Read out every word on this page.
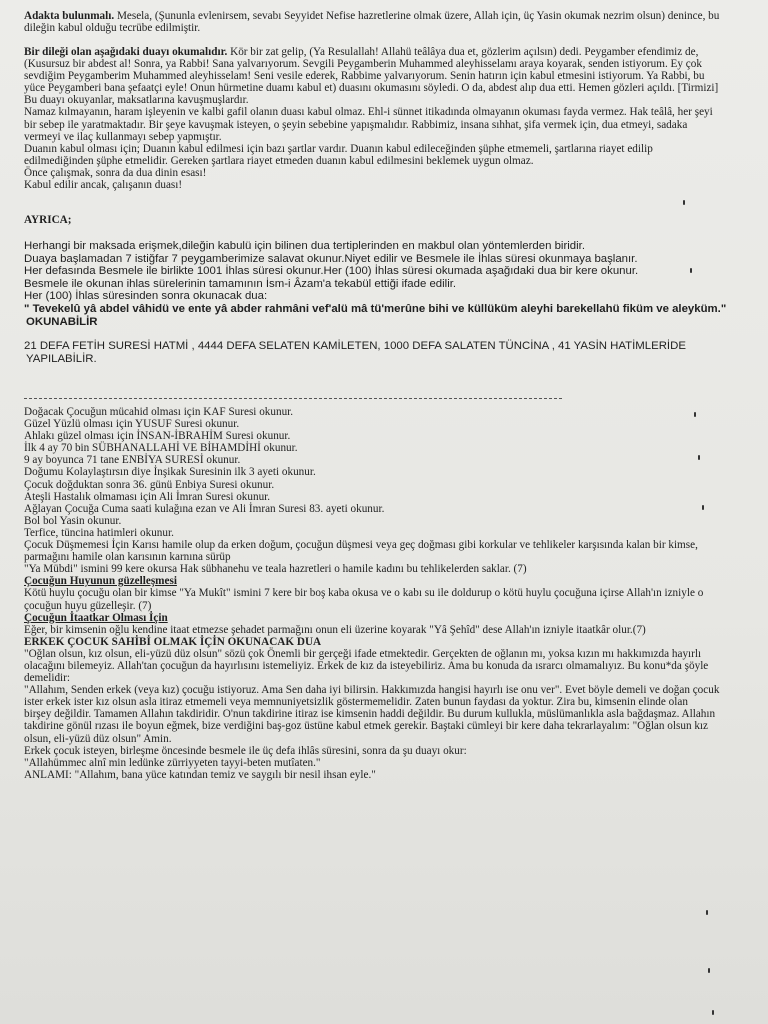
Adakta bulunmalı. Mesela, (Şununla evlenirsem, sevabı Seyyidet Nefise hazretlerine olmak üzere, Allah için, üç Yasin okumak nezrim olsun) denince, bu
dileğin kabul olduğu tecrübe edilmiştir.
Bir dileği olan aşağıdaki duayı okumalıdır. Kör bir zat gelip, (Ya Resulallah! Allahü teâlâya dua et, gözlerim açılsın) dedi. Peygamber efendimiz de,
(Kusursuz bir abdest al! Sonra, ya Rabbi! Sana yalvarıyorum. Sevgili Peygamberin Muhammed aleyhisselamı araya koyarak, senden istiyorum. Ey çok
sevdiğim Peygamberim Muhammed aleyhisselam! Seni vesile ederek, Rabbime yalvarıyorum. Senin hatırın için kabul etmesini istiyorum. Ya Rabbi, bu
yüce Peygamberi bana şefaatçi eyle! Onun hürmetine duamı kabul et) duasını okumasını söyledi. O da, abdest alıp dua etti. Hemen gözleri açıldı. [Tirmizi]
Bu duayı okuyanlar, maksatlarına kavuşmuşlardır.
Namaz kılmayanın, haram işleyenin ve kalbi gafil olanın duası kabul olmaz. Ehl-i sünnet itikadında olmayanın okuması fayda vermez. Hak teâlâ, her şeyi
bir sebep ile yaratmaktadır. Bir şeye kavuşmak isteyen, o şeyin sebebine yapışmalıdır. Rabbimiz, insana sıhhat, şifa vermek için, dua etmeyi, sadaka
vermeyi ve ilaç kullanmayı sebep yapmıştır.
Duanın kabul olması için; Duanın kabul edilmesi için bazı şartlar vardır. Duanın kabul edileceğinden şüphe etmemeli, şartlarına riayet edilip
edilmediğinden şüphe etmelidir. Gereken şartlara riayet etmeden duanın kabul edilmesini beklemek uygun olmaz.
Önce çalışmak, sonra da dua dinin esası!
Kabul edilir ancak, çalışanın duası!
AYRICA;
Herhangi bir maksada erişmek,dileğin kabulü için bilinen dua tertiplerinden en makbul olan yöntemlerden biridir.
Duaya başlamadan 7 istiğfar 7 peygamberimize salavat okunur.Niyet edilir ve Besmele ile İhlas süresi okunmaya başlanır.
Her defasında Besmele ile birlikte 1001 İhlas süresi okunur.Her (100) İhlas süresi okumada aşağıdaki dua bir kere okunur.
Besmele ile okunan ihlas sürelerinin tamamının İsm-i Âzam'a tekabül ettiği ifade edilir.
Her (100) İhlas süresinden sonra okunacak dua:
" Tevekelû yâ abdel vâhidü ve ente yâ abder rahmâni vef'alü mâ tü'merûne bihi ve küllüküm aleyhi barekellahü fiküm ve aleyküm."
OKUNABİLİR
21 DEFA FETİH SURESİ HATMİ , 4444 DEFA SELATEN KAMİLETEN, 1000 DEFA SALATEN TÜNCİNA , 41 YASİN HATİMLERİDE
YAPILABİLİR.
Doğacak Çocuğun mücahid olması için KAF Suresi okunur.
Güzel Yüzlü olması için YUSUF Suresi okunur.
Ahlakı güzel olması için İNSAN-İBRAHİM Suresi okunur.
İlk 4 ay 70 bin SÜBHANALLAHİ VE BİHAMDİHİ okunur.
9 ay boyunca 71 tane ENBİYA SURESİ okunur.
Doğumu Kolaylaştırsın diye İnşikak Suresinin ilk 3 ayeti okunur.
Çocuk doğduktan sonra 36. günü Enbiya Suresi okunur.
Ateşli Hastalık olmaması için Ali İmran Suresi okunur.
Ağlayan Çocuğa Cuma saati kulağına ezan ve Ali İmran Suresi 83. ayeti okunur.
Bol bol Yasin okunur.
Terfice, tüncina hatimleri okunur.
Çocuk Düşmemesi İçin Karısı hamile olup da erken doğum, çocuğun düşmesi veya geç doğması gibi korkular ve tehlikeler karşısında kalan bir kimse,
parmağını hamile olan karısının karnına sürüp
"Ya Mübdi" ismini 99 kere okursa Hak sübhanehu ve teala hazretleri o hamile kadını bu tehlikelerden saklar. (7)
Çocuğun Huyunun güzelleşmesi
Kötü huylu çocuğu olan bir kimse "Ya Mukît" ismini 7 kere bir boş kaba okusa ve o kabı su ile doldurup o kötü huylu çocuğuna içirse Allah'ın izniyle o
çocuğun huyu güzelleşir. (7)
Çocuğun İtaatkar Olması İçin
Eğer, bir kimsenin oğlu kendine itaat etmezse şehadet parmağını onun eli üzerine koyarak "Yâ Şehîd" dese Allah'ın izniyle itaatkâr olur.(7)
ERKEK ÇOCUK SAHİBİ OLMAK İÇİN OKUNACAK DUA
"Oğlan olsun, kız olsun, eli-yüzü düz olsun" sözü çok Önemli bir gerçeği ifade etmektedir. Gerçekten de oğlanın mı, yoksa kızın mı hakkımızda hayırlı
olacağını bilemeyiz. Allah'tan çocuğun da hayırlısını istemeliyiz. Erkek de kız da isteyebiliriz. Ama bu konuda da ısrarcı olmamalıyız. Bu konu*da şöyle
demelidir:
"Allahım, Senden erkek (veya kız) çocuğu istiyoruz. Ama Sen daha iyi bilirsin. Hakkımızda hangisi hayırlı ise onu ver". Evet böyle demeli ve doğan çocuk
ister erkek ister kız olsun asla itiraz etmemeli veya memnuniyetsizlik göstermemelidir. Zaten bunun faydası da yoktur. Zira bu, kimsenin elinde olan
birşey değildir. Tamamen Allahın takdiridir. O'nun takdirine itiraz ise kimsenin haddi değildir. Bu durum kullukla, müslümanlıkla asla bağdaşmaz. Allahın
takdirine gönül rızası ile boyun eğmek, bize verdiğini baş-goz üstüne kabul etmek gerekir. Baştaki cümleyi bir kere daha tekrarlayalım: "Oğlan olsun kız
olsun, eli-yüzü düz olsun" Amin.
Erkek çocuk isteyen, birleşme öncesinde besmele ile üç defa ihlâs süresini, sonra da şu duayı okur:
"Allahümmec alnî min ledünke zürriyyeten tayyi-beten mutîaten."
ANLAMI: "Allahım, bana yüce katından temiz ve saygılı bir nesil ihsan eyle."
